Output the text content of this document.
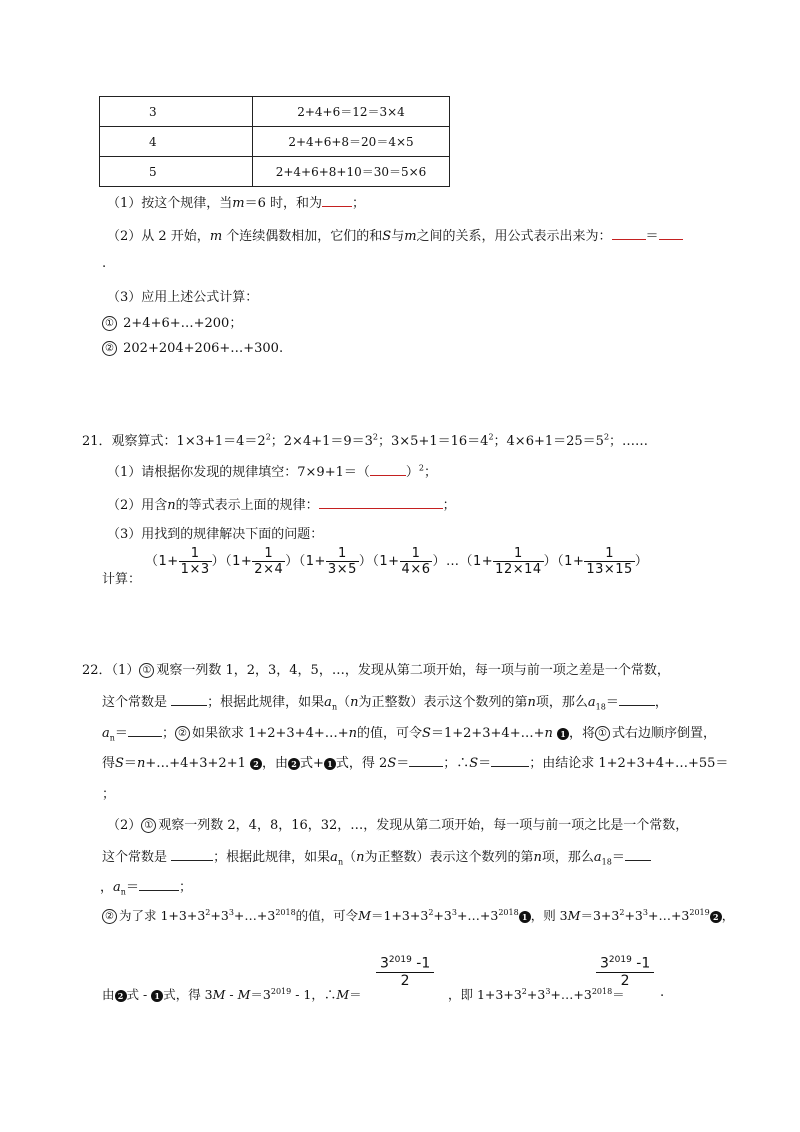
3	2+4+6＝12＝3×4
4	2+4+6+8＝20＝4×5
5	2+4+6+8+10＝30＝5×6
（1）按这个规律，当m＝6 时，和为 ；
（2）从 2 开始，m 个连续偶数相加，它们的和S与m之间的关系，用公式表示出来为：	＝
.
（3）应用上述公式计算：
① 2+4+6+…+200；
② 202+204+206+…+300.
21．观察算式：$1\times 3+1=4=2^2$；$2\times 4+1=9=3^2$；$3\times 5+1=16=4^2$；$4\times 6+1=25=5^2$；……
（1）请根据你发现的规律填空：7×9+1＝（	）$^2$；
（2）用含n的等式表示上面的规律：	；
（3）用找到的规律解决下面的问题：
计算：
$(1+ \frac{1}{1\times 3} )(1+ \frac{1}{2\times 4} )(1+ \frac{1}{3\times 5} )(1+ \frac{1}{4\times 6}$ ）…（1+ $\frac{1}{12\times 14} )(1+ \frac{1}{13\times 15}$ ）
22．（1） ① 观察一列数 1，2，3，4，5，…，发现从第二项开始，每一项与前一项之差是一个常数，
这个常数是	；根据此规律，如果$a_n(n$为正整数）表示这个数列的第n项，那么$a_{18}=$	，
$a_n=$	； ② 如果欲求 1+2+3+4+…+n的值，可令S＝1+2+3+4+…+n 1 ，将 ① 式右边顺序倒置，
得S＝n+…+4+3+2+1 2 ，由 2 式+ 1 式，得 2S＝	；∴S＝	；由结论求 1+2+3+4+…+55＝
；
（2） ① 观察一列数 2，4，8，16，32，…，发现从第二项开始，每一项与前一项之比是一个常数，
这个常数是	；根据此规律，如果$a_n(n$为正整数）表示这个数列的第n项，那么$a_{18}=$
，$a_n=$	；
② 为了求 $1+3+3^2+3^3+\dots+3^{2018}$的值，可令$M=1+3+3^2+3^3+\dots+3^{2018}$ 1 ，则 $3M=3+3^2+3^3+\dots+3^{2019}$ 2 ，
由 2 式 - 1 式，得 $3M - M=3^{2019} - 1$，∴M＝
$\frac{3^{2019} -1}{2}$
，即 $1+3+3^2+3^3+\dots+3^{2018}=$
$\frac{3^{2019} -1}{2}$
.
